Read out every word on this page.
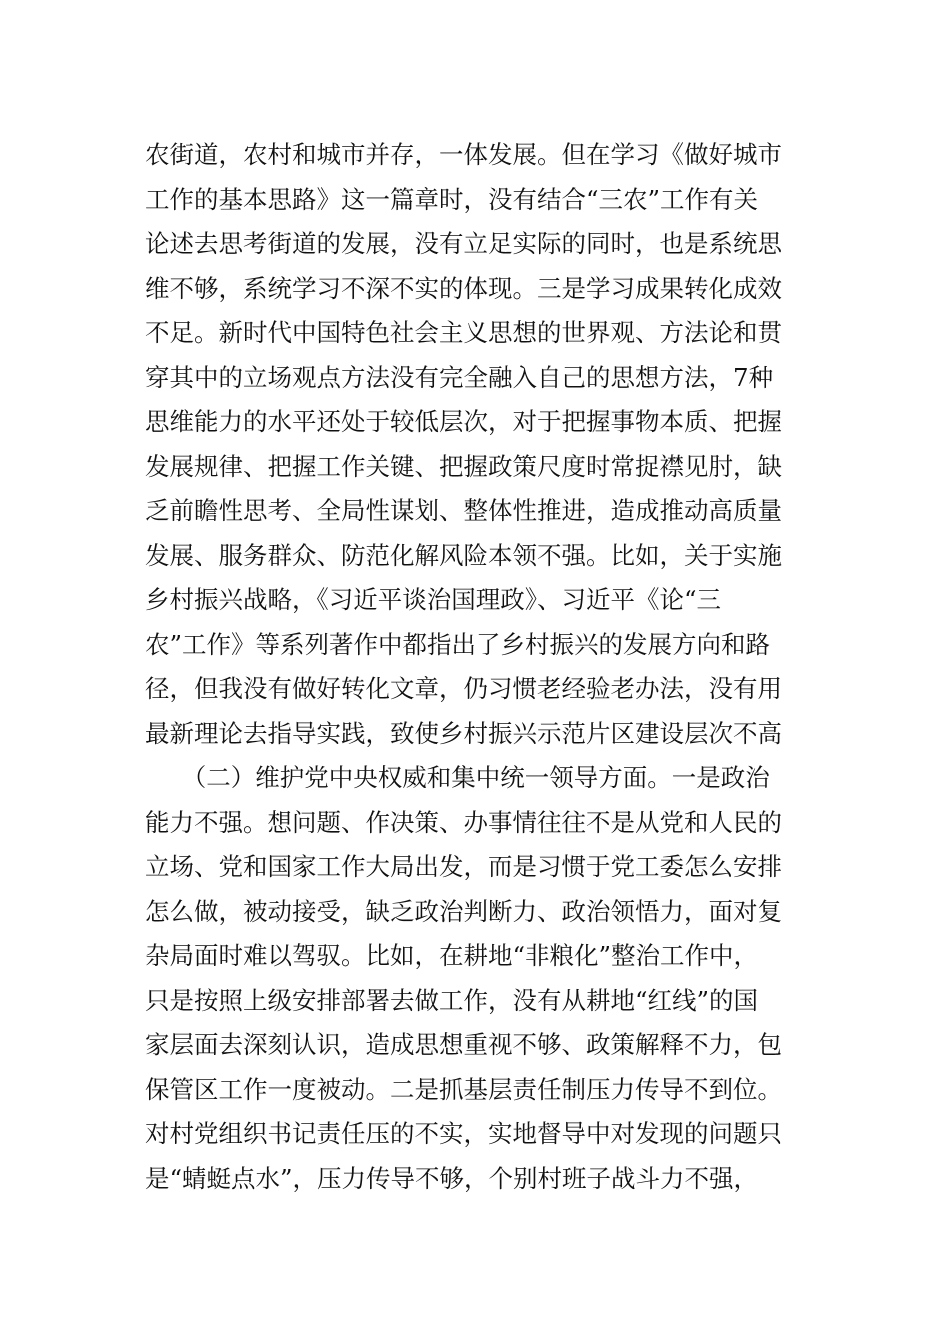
农街道，农村和城市并存，一体发展。但在学习《做好城市
工作的基本思路》这一篇章时，没有结合“三农”工作有关
论述去思考街道的发展，没有立足实际的同时，也是系统思
维不够，系统学习不深不实的体现。三是学习成果转化成效
不足。新时代中国特色社会主义思想的世界观、方法论和贯
穿其中的立场观点方法没有完全融入自己的思想方法，7种
思维能力的水平还处于较低层次，对于把握事物本质、把握
发展规律、把握工作关键、把握政策尺度时常捉襟见肘，缺
乏前瞻性思考、全局性谋划、整体性推进，造成推动高质量
发展、服务群众、防范化解风险本领不强。比如，关于实施
乡村振兴战略，《习近平谈治国理政》、习近平《论“三
农”工作》等系列著作中都指出了乡村振兴的发展方向和路
径，但我没有做好转化文章，仍习惯老经验老办法，没有用
最新理论去指导实践，致使乡村振兴示范片区建设层次不高
　　（二）维护党中央权威和集中统一领导方面。一是政治
能力不强。想问题、作决策、办事情往往不是从党和人民的
立场、党和国家工作大局出发，而是习惯于党工委怎么安排
怎么做，被动接受，缺乏政治判断力、政治领悟力，面对复
杂局面时难以驾驭。比如，在耕地“非粮化”整治工作中，
只是按照上级安排部署去做工作，没有从耕地“红线”的国
家层面去深刻认识，造成思想重视不够、政策解释不力，包
保管区工作一度被动。二是抓基层责任制压力传导不到位。
对村党组织书记责任压的不实，实地督导中对发现的问题只
是“蜻蜓点水”，压力传导不够，个别村班子战斗力不强，
